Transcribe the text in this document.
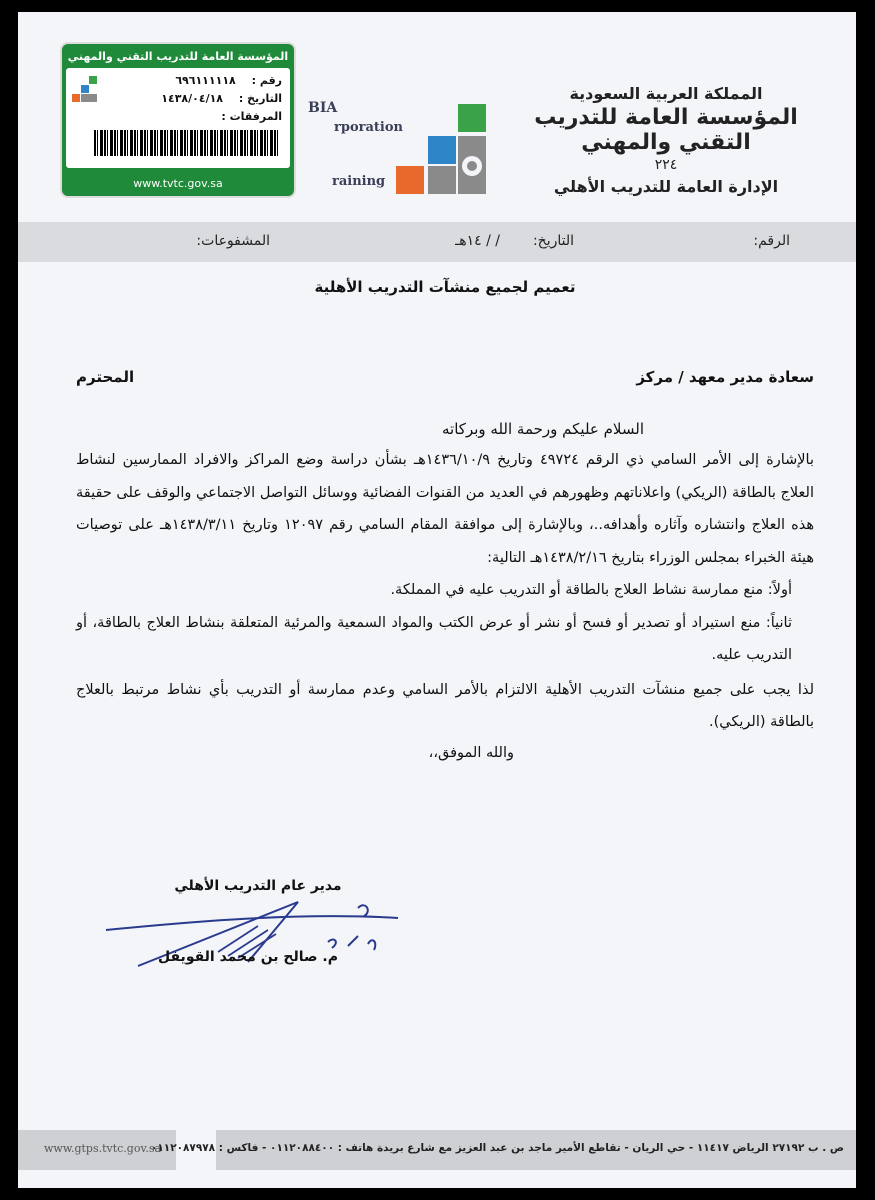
المملكة العربية السعودية
المؤسسة العامة للتدريب التقني والمهني
٢٢٤
الإدارة العامة للتدريب الأهلي
BIA
rporation
raining
المؤسسة العامة للتدريب التقني والمهني
رقم : ٦٩٦١١١١١٨
التاريخ : ١٤٣٨/٠٤/١٨
المرفقات :
www.tvtc.gov.sa
الرقم:
التاريخ:
/ / ١٤هـ
المشفوعات:
تعميم لجميع منشآت التدريب الأهلية
سعادة مدير معهد / مركز
المحترم
السلام عليكم ورحمة الله وبركاته
بالإشارة إلى الأمر السامي ذي الرقم ٤٩٧٢٤ وتاريخ ١٤٣٦/١٠/٩هـ بشأن دراسة وضع المراكز والافراد الممارسين لنشاط العلاج بالطاقة (الريكي) واعلاناتهم وظهورهم في العديد من القنوات الفضائية ووسائل التواصل الاجتماعي والوقف على حقيقة هذه العلاج وانتشاره وآثاره وأهدافه..، وبالإشارة إلى موافقة المقام السامي رقم ١٢٠٩٧ وتاريخ ١٤٣٨/٣/١١هـ على توصيات هيئة الخبراء بمجلس الوزراء بتاريخ ١٤٣٨/٢/١٦هـ التالية:
أولاً: منع ممارسة نشاط العلاج بالطاقة أو التدريب عليه في المملكة.
ثانياً: منع استيراد أو تصدير أو فسح أو نشر أو عرض الكتب والمواد السمعية والمرئية المتعلقة بنشاط العلاج بالطاقة، أو التدريب عليه.
لذا يجب على جميع منشآت التدريب الأهلية الالتزام بالأمر السامي وعدم ممارسة أو التدريب بأي نشاط مرتبط بالعلاج بالطاقة (الريكي).
والله الموفق،،
مدير عام التدريب الأهلي
م. صالح بن محمد القويفل
www.gtps.tvtc.gov.sa
ص . ب ٢٧١٩٢ الرياض ١١٤١٧ - حي الريان - تقاطع الأمير ماجد بن عبد العزيز مع شارع بريدة هاتف : ٠١١٢٠٨٨٤٠٠ - فاكس : ٠١١٢٠٨٧٩٧٨
